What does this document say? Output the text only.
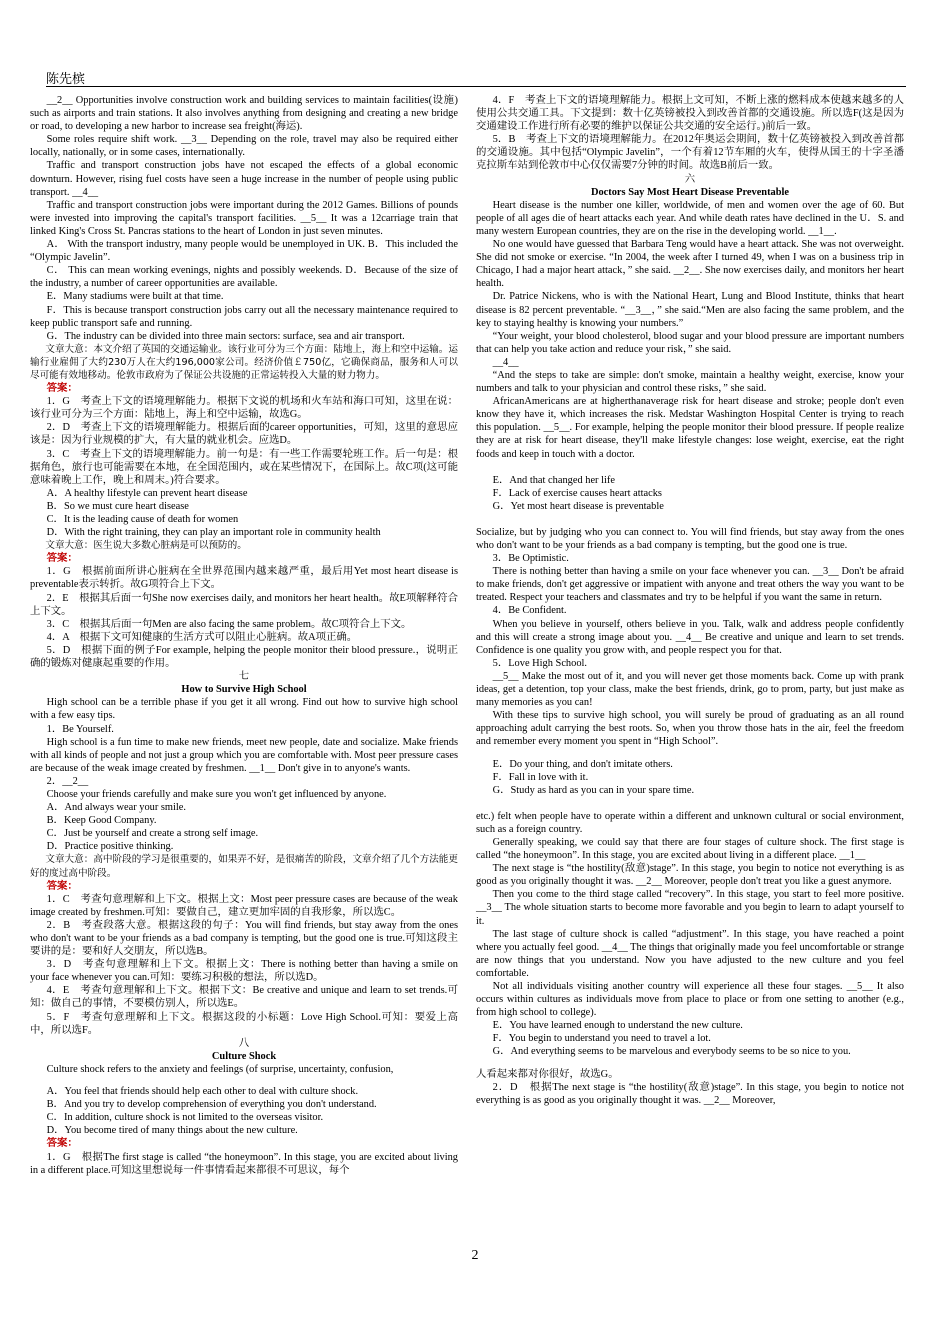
陈先槟

__2__ Opportunities involve construction work and building services to maintain facilities(设施) such as airports and train stations. It also involves anything from designing and creating a new bridge or road, to developing a new harbor to increase sea freight(海运).

Some roles require shift work. __3__ Depending on the role, travel may also be required either locally, nationally, or in some cases, internationally.

Traffic and transport construction jobs have not escaped the effects of a global economic downturn. However, rising fuel costs have seen a huge increase in the number of people using public transport. __4__

Traffic and transport construction jobs were important during the 2012 Games. Billions of pounds were invested into improving the capital's transport facilities. __5__ It was a 12carriage train that linked King's Cross St. Pancras stations to the heart of London in just seven minutes.

A． With the transport industry, many people would be unemployed in UK. B．This included the “Olympic Javelin”.

C． This can mean working evenings, nights and possibly weekends. D．Because of the size of the industry, a number of career opportunities are available.

E．Many stadiums were built at that time.

F．This is because transport construction jobs carry out all the necessary maintenance required to keep public transport safe and running.

G．The industry can be divided into three main sectors: surface, sea and air transport.

文章大意：本文介绍了英国的交通运输业。该行业可分为三个方面：陆地上，海上和空中运输。运输行业雇佣了大约230万人在大约196,000家公司。经济价值￡750亿，它确保商品，服务和人可以尽可能有效地移动。伦敦市政府为了保证公共设施的正常运转投入大量的财力物力。

答案：

1．G　考查上下文的语境理解能力。根据下文说的机场和火车站和海口可知，这里在说：该行业可分为三个方面：陆地上，海上和空中运输，故选G。

2．D　考查上下文的语境理解能力。根据后面的career opportunities，可知，这里的意思应该是：因为行业规模的扩大，有大量的就业机会。应选D。

3．C　考查上下文的语境理解能力。前一句是：有一些工作需要轮班工作。后一句是：根据角色，旅行也可能需要在本地，在全国范围内，或在某些情况下，在国际上。故C项(这可能意味着晚上工作，晚上和周末。)符合要求。

A．A healthy lifestyle can prevent heart disease

B．So we must cure heart disease

C．It is the leading cause of death for women

D．With the right training, they can play an important role in community health

文章大意：医生说大多数心脏病是可以预防的。

答案：

1．G　根据前面所讲心脏病在全世界范围内越来越严重，最后用Yet most heart disease is preventable表示转折。故G项符合上下文。

2．E　根据其后面一句She now exercises daily, and monitors her heart health。故E项解释符合上下文。

3．C　根据其后面一句Men are also facing the same problem。故C项符合上下文。

4．A　根据下文可知健康的生活方式可以阻止心脏病。故A项正确。

5．D　根据下面的例子For example, helping the people monitor their blood pressure.，说明正确的锻炼对健康起重要的作用。

七

How to Survive High School

High school can be a terrible phase if you get it all wrong. Find out how to survive high school with a few easy tips.

1．Be Yourself.

High school is a fun time to make new friends, meet new people, date and socialize. Make friends with all kinds of people and not just a group which you are comfortable with. Most peer pressure cases are because of the weak image created by freshmen. __1__ Don't give in to anyone's wants.

2．__2__

Choose your friends carefully and make sure you won't get influenced by anyone.

A．And always wear your smile.

B．Keep Good Company.

C．Just be yourself and create a strong self image.

D．Practice positive thinking.

文章大意：高中阶段的学习是很重要的，如果弄不好，是很痛苦的阶段，文章介绍了几个方法能更好的度过高中阶段。

答案：

1．C　考查句意理解和上下文。根据上文：Most peer pressure cases are because of the weak image created by freshmen.可知：要做自己，建立更加牢固的自我形象，所以选C。

2．B　考查段落大意。根据这段的句子：You will find friends, but stay away from the ones who don't want to be your friends as a bad company is tempting, but the good one is true.可知这段主要讲的是：要和好人交朋友，所以选B。

3．D　考查句意理解和上下文。根据上文：There is nothing better than having a smile on your face whenever you can.可知：要练习积极的想法，所以选D。

4．E　考查句意理解和上下文。根据下文：Be creative and unique and learn to set trends.可知：做自己的事情，不要模仿别人，所以选E。

5．F　考查句意理解和上下文。根据这段的小标题：Love High School.可知：要爱上高中，所以选F。

八

Culture Shock

Culture shock refers to the anxiety and feelings (of surprise, uncertainty, confusion,

A．You feel that friends should help each other to deal with culture shock.

B．And you try to develop comprehension of everything you don't understand.

C．In addition, culture shock is not limited to the overseas visitor.

D．You become tired of many things about the new culture.

答案：

1．G　根据The first stage is called “the honeymoon”. In this stage, you are excited about living in a different place.可知这里想说每一件事情看起来都很不可思议，每个

4．F　考查上下文的语境理解能力。根据上文可知，不断上涨的燃料成本使越来越多的人使用公共交通工具。下文提到：数十亿英镑被投入到改善首都的交通设施。所以选F(这是因为交通建设工作进行所有必要的维护以保证公共交通的安全运行。)前后一致。

5．B　考查上下文的语境理解能力。在2012年奥运会期间，数十亿英镑被投入到改善首都的交通设施。其中包括“Olympic Javelin”，一个有着12节车厢的火车，使得从国王的十字圣潘克拉斯车站到伦敦市中心仅仅需要7分钟的时间。故选B前后一致。

六

Doctors Say Most Heart Disease Preventable

Heart disease is the number one killer, worldwide, of men and women over the age of 60. But people of all ages die of heart attacks each year. And while death rates have declined in the U．S. and many western European countries, they are on the rise in the developing world. __1__.

No one would have guessed that Barbara Teng would have a heart attack. She was not overweight. She did not smoke or exercise. “In 2004, the week after I turned 49, when I was on a business trip in Chicago, I had a major heart attack，” she said. __2__. She now exercises daily, and monitors her heart health.

Dr. Patrice Nickens, who is with the National Heart, Lung and Blood Institute, thinks that heart disease is 82 percent preventable. “__3__，” she said.“Men are also facing the same problem, and the key to staying healthy is knowing your numbers.”

“Your weight, your blood cholesterol, blood sugar and your blood pressure are important numbers that can help you take action and reduce your risk，” she said.

__4__

“And the steps to take are simple: don't smoke, maintain a healthy weight, exercise, know your numbers and talk to your physician and control these risks，” she said.

AfricanAmericans are at higherthanaverage risk for heart disease and stroke; people don't even know they have it, which increases the risk. Medstar Washington Hospital Center is trying to reach this population. __5__. For example, helping the people monitor their blood pressure. If people realize they are at risk for heart disease, they'll make lifestyle changes: lose weight, exercise, eat the right foods and keep in touch with a doctor.

E．And that changed her life

F．Lack of exercise causes heart attacks

G．Yet most heart disease is preventable

Socialize, but by judging who you can connect to. You will find friends, but stay away from the ones who don't want to be your friends as a bad company is tempting, but the good one is true.

3．Be Optimistic.

There is nothing better than having a smile on your face whenever you can. __3__ Don't be afraid to make friends, don't get aggressive or impatient with anyone and treat others the way you want to be treated. Respect your teachers and classmates and try to be helpful if you want the same in return.

4．Be Confident.

When you believe in yourself, others believe in you. Talk, walk and address people confidently and this will create a strong image about you. __4__ Be creative and unique and learn to set trends. Confidence is one quality you grow with, and people respect you for that.

5．Love High School.

__5__ Make the most out of it, and you will never get those moments back. Come up with prank ideas, get a detention, top your class, make the best friends, drink, go to prom, party, but just make as many memories as you can!

With these tips to survive high school, you will surely be proud of graduating as an all round approaching adult carrying the best roots. So, when you throw those hats in the air, feel the freedom and remember every moment you spent in “High School”.

E．Do your thing, and don't imitate others.

F．Fall in love with it.

G．Study as hard as you can in your spare time.

etc.) felt when people have to operate within a different and unknown cultural or social environment, such as a foreign country.

Generally speaking, we could say that there are four stages of culture shock. The first stage is called “the honeymoon”. In this stage, you are excited about living in a different place. __1__

The next stage is “the hostility(敌意)stage”. In this stage, you begin to notice not everything is as good as you originally thought it was. __2__ Moreover, people don't treat you like a guest anymore.

Then you come to the third stage called “recovery”. In this stage, you start to feel more positive. __3__ The whole situation starts to become more favorable and you begin to learn to adapt yourself to it.

The last stage of culture shock is called “adjustment”. In this stage, you have reached a point where you actually feel good. __4__ The things that originally made you feel uncomfortable or strange are now things that you understand. Now you have adjusted to the new culture and you feel comfortable.

Not all individuals visiting another country will experience all these four stages. __5__ It also occurs within cultures as individuals move from place to place or from one setting to another (e.g., from high school to college).

E．You have learned enough to understand the new culture.

F．You begin to understand you need to travel a lot.

G．And everything seems to be marvelous and everybody seems to be so nice to you.

人看起来都对你很好，故选G。

2．D　根据The next stage is “the hostility(敌意)stage”. In this stage, you begin to notice not everything is as good as you originally thought it was. __2__ Moreover,

2
